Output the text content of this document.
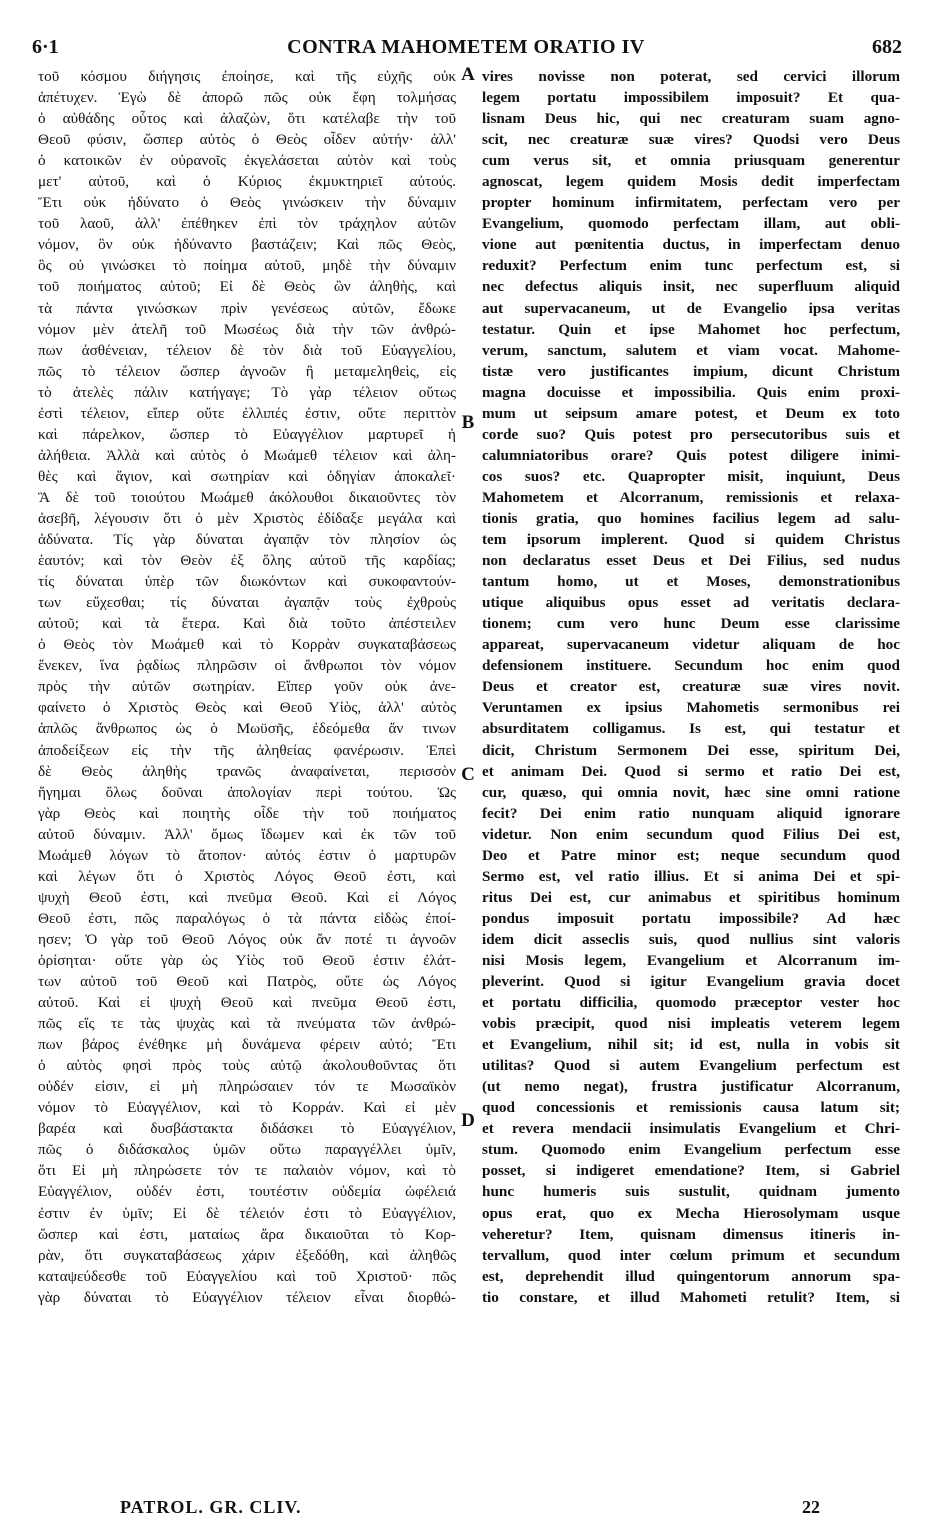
6·1	CONTRA MAHOMETEM ORATIO IV	682
τοῦ κόσμου διήγησις ἐποίησε, καὶ τῆς εὐχῆς οὐκ
ἀπέτυχεν. Ἐγὼ δὲ ἀπορῶ πῶς οὐκ ἔφη τολμήσας
ὁ αὐθάδης οὗτος καὶ ἀλαζὼν, ὅτι κατέλαβε τὴν τοῦ
Θεοῦ φύσιν, ὥσπερ αὐτὸς ὁ Θεὸς οἶδεν αὐτήν· ἀλλ'
ὁ κατοικῶν ἐν οὐρανοῖς ἐκγελάσεται αὐτὸν καὶ τοὺς
μετ' αὐτοῦ, καὶ ὁ Κύριος ἐκμυκτηριεῖ αὐτούς.
Ἔτι οὐκ ἠδύνατο ὁ Θεὸς γινώσκειν τὴν δύναμιν
τοῦ λαοῦ, ἀλλ' ἐπέθηκεν ἐπὶ τὸν τράχηλον αὐτῶν
νόμον, ὃν οὐκ ἠδύναντο βαστάζειν; Καὶ πῶς Θεὸς,
ὃς οὐ γινώσκει τὸ ποίημα αὐτοῦ, μηδὲ τὴν δύναμιν
τοῦ ποιήματος αὐτοῦ; Εἰ δὲ Θεὸς ὢν ἀληθὴς, καὶ
τὰ πάντα γινώσκων πρὶν γενέσεως αὐτῶν, ἔδωκε
νόμον μὲν ἀτελῆ τοῦ Μωσέως διὰ τὴν τῶν ἀνθρώ-
πων ἀσθένειαν, τέλειον δὲ τὸν διὰ τοῦ Εὐαγγελίου,
πῶς τὸ τέλειον ὥσπερ ἀγνοῶν ἢ μεταμεληθεὶς, εἰς
τὸ ἀτελὲς πάλιν κατήγαγε; Τὸ γὰρ τέλειον οὕτως
ἐστὶ τέλειον, εἴπερ οὔτε ἐλλιπές ἐστιν, οὔτε περιττὸν
καὶ πάρελκον, ὥσπερ τὸ Εὐαγγέλιον μαρτυρεῖ ἡ
ἀλήθεια. Ἀλλὰ καὶ αὐτὸς ὁ Μωάμεθ τέλειον καὶ ἀλη-
θὲς καὶ ἅγιον, καὶ σωτηρίαν καὶ ὁδηγίαν ἀποκαλεῖ·
Ἃ δὲ τοῦ τοιούτου Μωάμεθ ἀκόλουθοι δικαιοῦντες τὸν
ἀσεβῆ, λέγουσιν ὅτι ὁ μὲν Χριστὸς ἐδίδαξε μεγάλα καὶ
ἀδύνατα. Τίς γὰρ δύναται ἀγαπᾷν τὸν πλησίον ὡς
ἑαυτόν; καὶ τὸν Θεὸν ἐξ ὅλης αὐτοῦ τῆς καρδίας;
τίς δύναται ὑπὲρ τῶν διωκόντων καὶ συκοφαντούν-
των εὔχεσθαι; τίς δύναται ἀγαπᾷν τοὺς ἐχθροὺς
αὐτοῦ; καὶ τὰ ἕτερα. Καὶ διὰ τοῦτο ἀπέστειλεν
ὁ Θεὸς τὸν Μωάμεθ καὶ τὸ Κορρὰν συγκαταβάσεως
ἕνεκεν, ἵνα ῥᾳδίως πληρῶσιν οἱ ἄνθρωποι τὸν νόμον
πρὸς τὴν αὐτῶν σωτηρίαν. Εἴπερ γοῦν οὐκ ἀνε-
φαίνετο ὁ Χριστὸς Θεὸς καὶ Θεοῦ Υἱὸς, ἀλλ' αὐτὸς
ἁπλῶς ἄνθρωπος ὡς ὁ Μωϋσῆς, ἐδεόμεθα ἄν τινων
ἀποδείξεων εἰς τὴν τῆς ἀληθείας φανέρωσιν. Ἐπεὶ
δὲ Θεὸς ἀληθὴς τρανῶς ἀναφαίνεται, περισσὸν
ἥγημαι ὅλως δοῦναι ἀπολογίαν περὶ τούτου. Ὡς
γὰρ Θεὸς καὶ ποιητὴς οἶδε τὴν τοῦ ποιήματος
αὐτοῦ δύναμιν. Ἀλλ' ὅμως ἴδωμεν καὶ ἐκ τῶν τοῦ
Μωάμεθ λόγων τὸ ἄτοπον· αὐτός ἐστιν ὁ μαρτυρῶν
καὶ λέγων ὅτι ὁ Χριστὸς Λόγος Θεοῦ ἐστι, καὶ
ψυχὴ Θεοῦ ἐστι, καὶ πνεῦμα Θεοῦ. Καὶ εἰ Λόγος
Θεοῦ ἐστι, πῶς παραλόγως ὁ τὰ πάντα εἰδὼς ἐποί-
ησεν; Ὁ γὰρ τοῦ Θεοῦ Λόγος οὐκ ἄν ποτέ τι ἀγνοῶν
ὁρίσηται· οὔτε γὰρ ὡς Υἱὸς τοῦ Θεοῦ ἐστιν ἐλάτ-
των αὐτοῦ τοῦ Θεοῦ καὶ Πατρὸς, οὔτε ὡς Λόγος
αὐτοῦ. Καὶ εἰ ψυχὴ Θεοῦ καὶ πνεῦμα Θεοῦ ἐστι,
πῶς εἴς τε τὰς ψυχὰς καὶ τὰ πνεύματα τῶν ἀνθρώ-
πων βάρος ἐνέθηκε μὴ δυνάμενα φέρειν αὐτό; Ἔτι
ὁ αὐτὸς φησὶ πρὸς τοὺς αὐτῷ ἀκολουθοῦντας ὅτι
οὐδέν εἰσιν, εἰ μὴ πληρώσαιεν τόν τε Μωσαϊκὸν
νόμον τὸ Εὐαγγέλιον, καὶ τὸ Κορράν. Καὶ εἰ μὲν
βαρέα καὶ δυσβάστακτα διδάσκει τὸ Εὐαγγέλιον,
πῶς ὁ διδάσκαλος ὑμῶν οὕτω παραγγέλλει ὑμῖν,
ὅτι Εἰ μὴ πληρώσετε τόν τε παλαιὸν νόμον, καὶ τὸ
Εὐαγγέλιον, οὐδέν ἐστι, τουτέστιν οὐδεμία ὠφέλειά
ἐστιν ἐν ὑμῖν; Εἰ δὲ τέλειόν ἐστι τὸ Εὐαγγέλιον,
ὥσπερ καὶ ἐστι, ματαίως ἄρα δικαιοῦται τὸ Κορ-
ρὰν, ὅτι συγκαταβάσεως χάριν ἐξεδόθη, καὶ ἀληθῶς
καταψεύδεσθε τοῦ Εὐαγγελίου καὶ τοῦ Χριστοῦ· πῶς
γὰρ δύναται τὸ Εὐαγγέλιον τέλειον εἶναι διορθώ-
vires novisse non poterat, sed cervici illorum
legem portatu impossibilem imposuit? Et qua-
lisnam Deus hic, qui nec creaturam suam agno-
scit, nec creaturæ suæ vires? Quodsi vero Deus
cum verus sit, et omnia priusquam generentur
agnoscat, legem quidem Mosis dedit imperfectam
propter hominum infirmitatem, perfectam vero per
Evangelium, quomodo perfectam illam, aut obli-
vione aut pœnitentia ductus, in imperfectam denuo
reduxit? Perfectum enim tunc perfectum est, si
nec defectus aliquis insit, nec superfluum aliquid
aut supervacaneum, ut de Evangelio ipsa veritas
testatur. Quin et ipse Mahomet hoc perfectum,
verum, sanctum, salutem et viam vocat. Mahome-
tistæ vero justificantes impium, dicunt Christum
magna docuisse et impossibilia. Quis enim proxi-
mum ut seipsum amare potest, et Deum ex toto
corde suo? Quis potest pro persecutoribus suis et
calumniatoribus orare? Quis potest diligere inimi-
cos suos? etc. Quapropter misit, inquiunt, Deus
Mahometem et Alcorranum, remissionis et relaxa-
tionis gratia, quo homines facilius legem ad salu-
tem ipsorum implerent. Quod si quidem Christus
non declaratus esset Deus et Dei Filius, sed nudus
tantum homo, ut et Moses, demonstrationibus
utique aliquibus opus esset ad veritatis declara-
tionem; cum vero hunc Deum esse clarissime
appareat, supervacaneum videtur aliquam de hoc
defensionem instituere. Secundum hoc enim quod
Deus et creator est, creaturæ suæ vires novit.
Veruntamen ex ipsius Mahometis sermonibus rei
absurditatem colligamus. Is est, qui testatur et
dicit, Christum Sermonem Dei esse, spiritum Dei,
et animam Dei. Quod si sermo et ratio Dei est,
cur, quæso, qui omnia novit, hæc sine omni ratione
fecit? Dei enim ratio nunquam aliquid ignorare
videtur. Non enim secundum quod Filius Dei est,
Deo et Patre minor est; neque secundum quod
Sermo est, vel ratio illius. Et si anima Dei et spi-
ritus Dei est, cur animabus et spiritibus hominum
pondus imposuit portatu impossibile? Ad hæc
idem dicit asseclis suis, quod nullius sint valoris
nisi Mosis legem, Evangelium et Alcorranum im-
pleverint. Quod si igitur Evangelium gravia docet
et portatu difficilia, quomodo præceptor vester hoc
vobis præcipit, quod nisi impleatis veterem legem
et Evangelium, nihil sit; id est, nulla in vobis sit
utilitas? Quod si autem Evangelium perfectum est
(ut nemo negat), frustra justificatur Alcorranum,
quod concessionis et remissionis causa latum sit;
et revera mendacii insimulatis Evangelium et Chri-
stum. Quomodo enim Evangelium perfectum esse
posset, si indigeret emendatione? Item, si Gabriel
hunc humeris suis sustulit, quidnam jumento
opus erat, quo ex Mecha Hierosolymam usque
veheretur? Item, quisnam dimensus itineris in-
tervallum, quod inter cœlum primum et secundum
est, deprehendit illud quingentorum annorum spa-
tio constare, et illud Mahometi retulit? Item, si
A
B
C
D
PATROL. GR. CLIV.	22
